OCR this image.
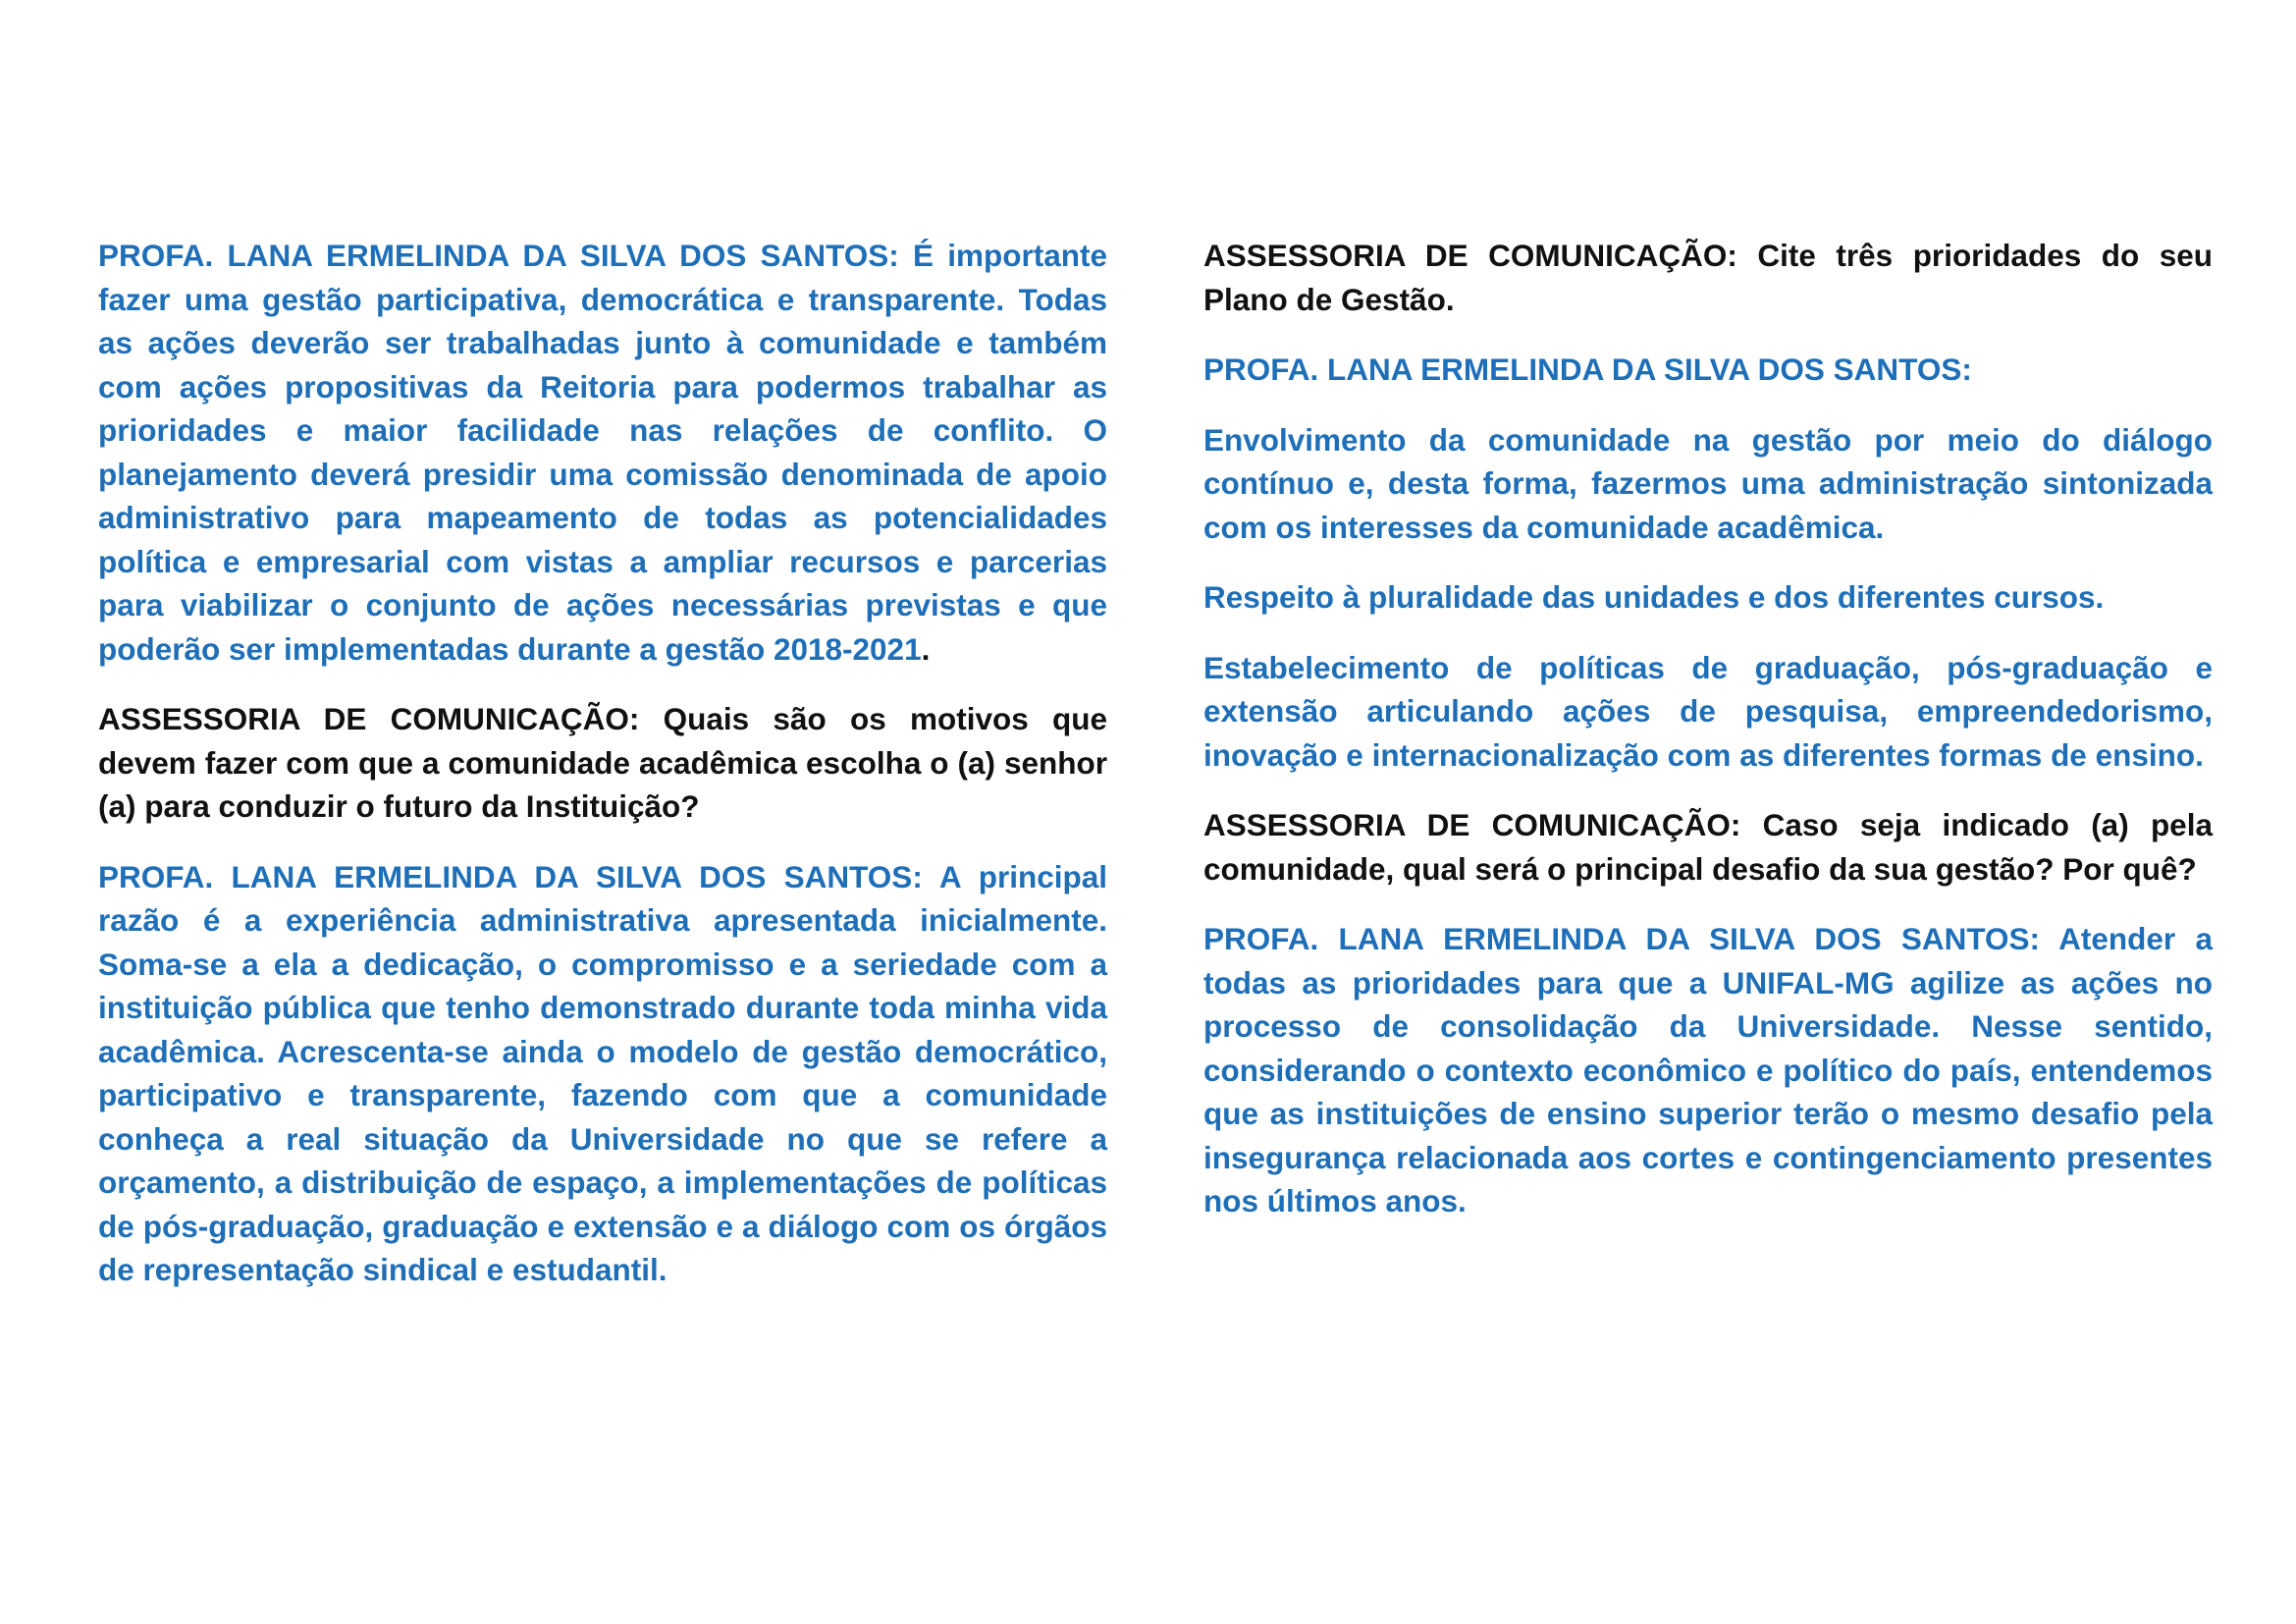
PROFA. LANA ERMELINDA DA SILVA DOS SANTOS: É importante fazer uma gestão participativa, democrática e transparente. Todas as ações deverão ser trabalhadas junto à comunidade e também com ações propositivas da Reitoria para podermos trabalhar as prioridades e maior facilidade nas relações de conflito. O planejamento deverá presidir uma comissão denominada de apoio administrativo para mapeamento de todas as potencialidades política e empresarial com vistas a ampliar recursos e parcerias para viabilizar o conjunto de ações necessárias previstas e que poderão ser implementadas durante a gestão 2018-2021.

ASSESSORIA DE COMUNICAÇÃO: Quais são os motivos que devem fazer com que a comunidade acadêmica escolha o (a) senhor (a) para conduzir o futuro da Instituição?

PROFA. LANA ERMELINDA DA SILVA DOS SANTOS: A principal razão é a experiência administrativa apresentada inicialmente. Soma-se a ela a dedicação, o compromisso e a seriedade com a instituição pública que tenho demonstrado durante toda minha vida acadêmica. Acrescenta-se ainda o modelo de gestão democrático, participativo e transparente, fazendo com que a comunidade conheça a real situação da Universidade no que se refere a orçamento, a distribuição de espaço, a implementações de políticas de pós-graduação, graduação e extensão e a diálogo com os órgãos de representação sindical e estudantil.

ASSESSORIA DE COMUNICAÇÃO: Cite três prioridades do seu Plano de Gestão.

PROFA. LANA ERMELINDA DA SILVA DOS SANTOS:

Envolvimento da comunidade na gestão por meio do diálogo contínuo e, desta forma, fazermos uma administração sintonizada com os interesses da comunidade acadêmica.

Respeito à pluralidade das unidades e dos diferentes cursos.

Estabelecimento de políticas de graduação, pós-graduação e extensão articulando ações de pesquisa, empreendedorismo, inovação e internacionalização com as diferentes formas de ensino.

ASSESSORIA DE COMUNICAÇÃO: Caso seja indicado (a) pela comunidade, qual será o principal desafio da sua gestão? Por quê?

PROFA. LANA ERMELINDA DA SILVA DOS SANTOS: Atender a todas as prioridades para que a UNIFAL-MG agilize as ações no processo de consolidação da Universidade. Nesse sentido, considerando o contexto econômico e político do país, entendemos que as instituições de ensino superior terão o mesmo desafio pela insegurança relacionada aos cortes e contingenciamento presentes nos últimos anos.
